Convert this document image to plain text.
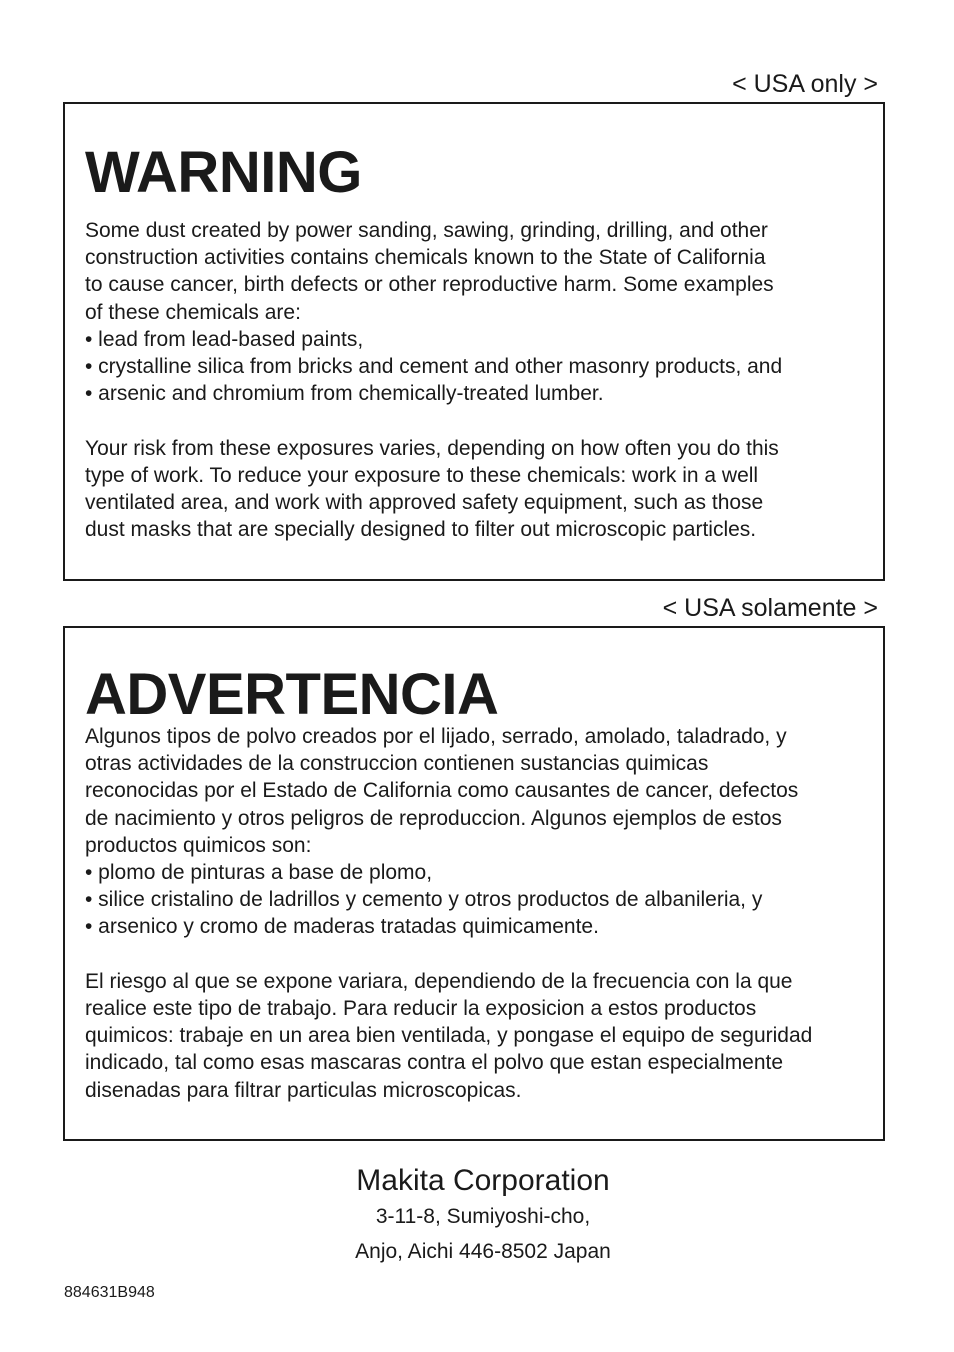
< USA only >
WARNING
Some dust created by power sanding, sawing, grinding, drilling, and other
construction activities contains chemicals known to the State of California
to cause cancer, birth defects or other reproductive harm. Some examples
of these chemicals are:
• lead from lead-based paints,
• crystalline silica from bricks and cement and other masonry products, and
• arsenic and chromium from chemically-treated lumber.
Your risk from these exposures varies, depending on how often you do this
type of work. To reduce your exposure to these chemicals: work in a well
ventilated area, and work with approved safety equipment, such as those
dust masks that are specially designed to filter out microscopic particles.
< USA solamente >
ADVERTENCIA
Algunos tipos de polvo creados por el lijado, serrado, amolado, taladrado, y
otras actividades de la construccion contienen sustancias quimicas
reconocidas por el Estado de California como causantes de cancer, defectos
de nacimiento y otros peligros de reproduccion. Algunos ejemplos de estos
productos quimicos son:
• plomo de pinturas a base de plomo,
• silice cristalino de ladrillos y cemento y otros productos de albanileria, y
• arsenico y cromo de maderas tratadas quimicamente.
El riesgo al que se expone variara, dependiendo de la frecuencia con la que
realice este tipo de trabajo. Para reducir la exposicion a estos productos
quimicos: trabaje en un area bien ventilada, y pongase el equipo de seguridad
indicado, tal como esas mascaras contra el polvo que estan especialmente
disenadas para filtrar particulas microscopicas.
Makita Corporation
3-11-8, Sumiyoshi-cho,
Anjo, Aichi 446-8502 Japan
884631B948
